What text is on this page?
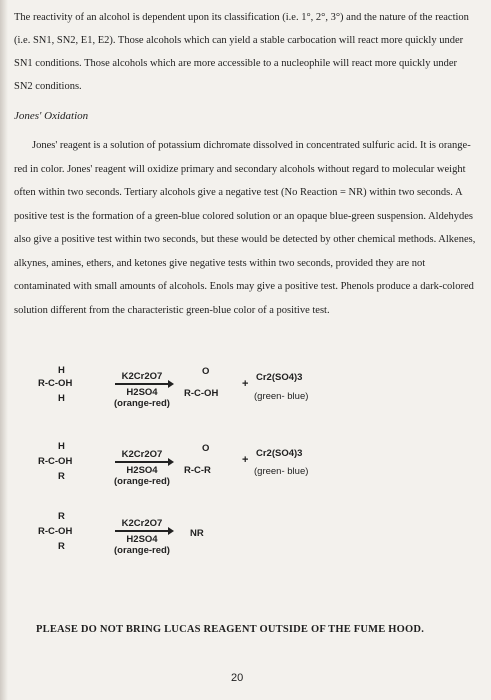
The reactivity of an alcohol is dependent upon its classification (i.e. 1°, 2°, 3°) and the nature of the reaction (i.e. SN1, SN2, E1, E2). Those alcohols which can yield a stable carbocation will react more quickly under SN1 conditions. Those alcohols which are more accessible to a nucleophile will react more quickly under SN2 conditions.
Jones' Oxidation
Jones' reagent is a solution of potassium dichromate dissolved in concentrated sulfuric acid. It is orange-red in color. Jones' reagent will oxidize primary and secondary alcohols without regard to molecular weight often within two seconds. Tertiary alcohols give a negative test (No Reaction = NR) within two seconds. A positive test is the formation of a green-blue colored solution or an opaque blue-green suspension. Aldehydes also give a positive test within two seconds, but these would be detected by other chemical methods. Alkenes, alkynes, amines, ethers, and ketones give negative tests within two seconds, provided they are not contaminated with small amounts of alcohols. Enols may give a positive test. Phenols produce a dark-colored solution different from the characteristic green-blue color of a positive test.
H
R-C-OH
H
K2Cr2O7
H2SO4
(orange-red)
O
R-C-OH
+
Cr2(SO4)3
(green- blue)
H
R-C-OH
R
K2Cr2O7
H2SO4
(orange-red)
O
R-C-R
+
Cr2(SO4)3
(green- blue)
R
R-C-OH
R
K2Cr2O7
H2SO4
(orange-red)
NR
PLEASE DO NOT BRING LUCAS REAGENT OUTSIDE OF THE FUME HOOD.
20
